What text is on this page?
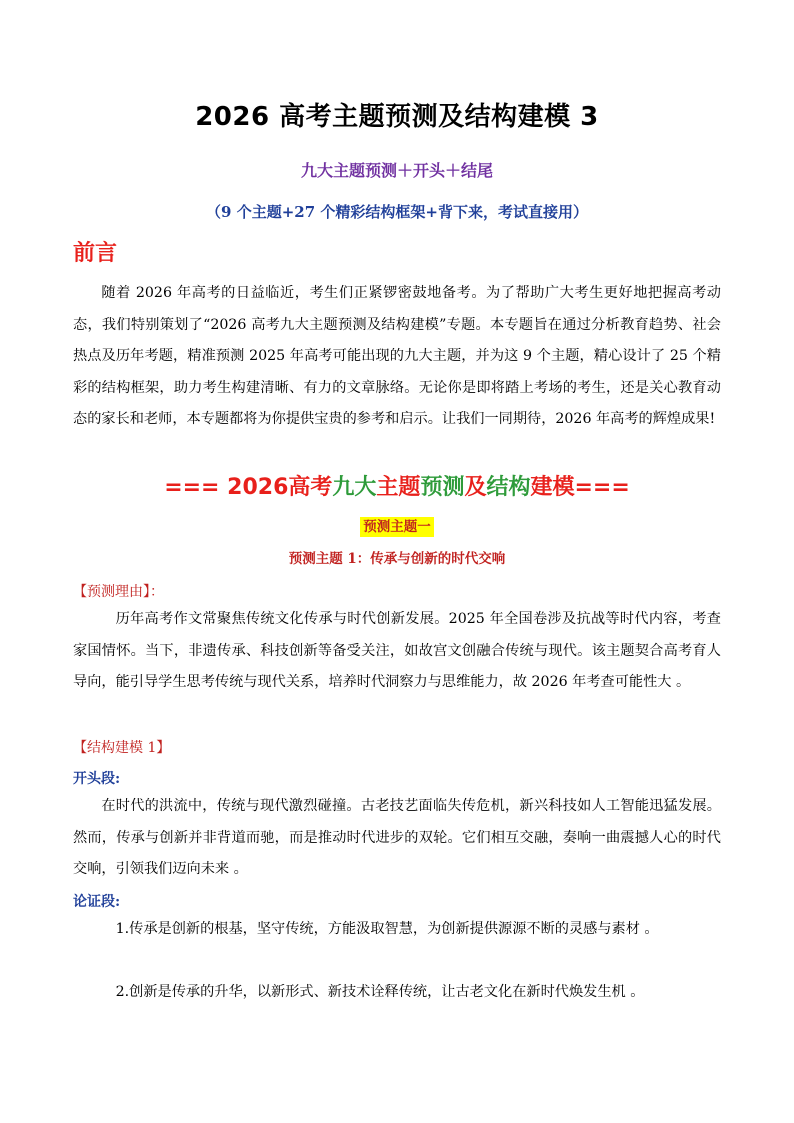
2026 高考主题预测及结构建模 3

九大主题预测＋开头＋结尾

（9 个主题+27 个精彩结构框架+背下来，考试直接用）

前言

随着 2026 年高考的日益临近，考生们正紧锣密鼓地备考。为了帮助广大考生更好地把握高考动态，我们特别策划了“2026 高考九大主题预测及结构建模”专题。本专题旨在通过分析教育趋势、社会热点及历年考题，精准预测 2025 年高考可能出现的九大主题，并为这 9 个主题，精心设计了 25 个精彩的结构框架，助力考生构建清晰、有力的文章脉络。无论你是即将踏上考场的考生，还是关心教育动态的家长和老师，本专题都将为你提供宝贵的参考和启示。让我们一同期待，2026 年高考的辉煌成果!

=== 2026高考九大主题预测及结构建模===

预测主题一

预测主题 1：传承与创新的时代交响

【预测理由】：

历年高考作文常聚焦传统文化传承与时代创新发展。2025 年全国卷涉及抗战等时代内容，考查家国情怀。当下，非遗传承、科技创新等备受关注，如故宫文创融合传统与现代。该主题契合高考育人导向，能引导学生思考传统与现代关系，培养时代洞察力与思维能力，故 2026 年考查可能性大 。

【结构建模 1】

开头段:

在时代的洪流中，传统与现代激烈碰撞。古老技艺面临失传危机，新兴科技如人工智能迅猛发展。然而，传承与创新并非背道而驰，而是推动时代进步的双轮。它们相互交融，奏响一曲震撼人心的时代交响，引领我们迈向未来 。

论证段:

1.传承是创新的根基，坚守传统，方能汲取智慧，为创新提供源源不断的灵感与素材 。

2.创新是传承的升华，以新形式、新技术诠释传统，让古老文化在新时代焕发生机 。
